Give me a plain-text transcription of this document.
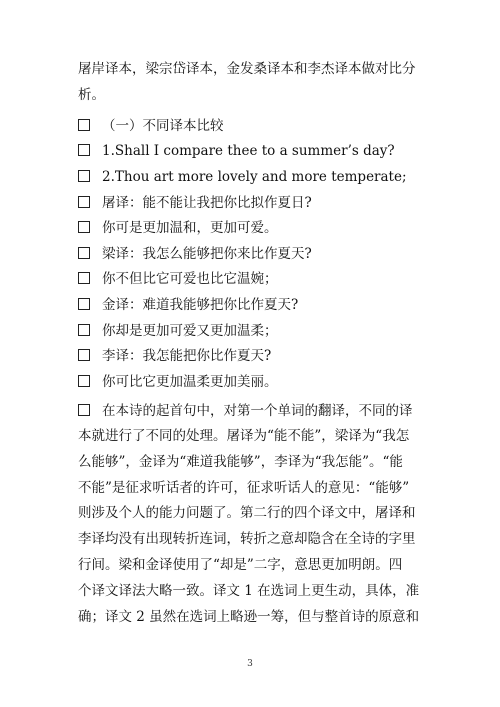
屠岸译本，梁宗岱译本，金发桑译本和李杰译本做对比分
析。
（一）不同译本比较
1.Shall I compare thee to a summer’s day?
2.Thou art more lovely and more temperate;
屠译：能不能让我把你比拟作夏日?
你可是更加温和，更加可爱。
梁译：我怎么能够把你来比作夏天?
你不但比它可爱也比它温婉；
金译：难道我能够把你比作夏天?
你却是更加可爱又更加温柔；
李译：我怎能把你比作夏天?
你可比它更加温柔更加美丽。
在本诗的起首句中，对第一个单词的翻译，不同的译
本就进行了不同的处理。屠译为“能不能”，梁译为“我怎
么能够”，金译为“难道我能够”，李译为“我怎能”。“能
不能”是征求听话者的许可，征求听话人的意见：“能够”
则涉及个人的能力问题了。第二行的四个译文中，屠译和
李译均没有出现转折连词，转折之意却隐含在全诗的字里
行间。梁和金译使用了“却是”二字，意思更加明朗。四
个译文译法大略一致。译文 1 在选词上更生动，具体，准
确；译文 2 虽然在选词上略逊一筹，但与整首诗的原意和
3
